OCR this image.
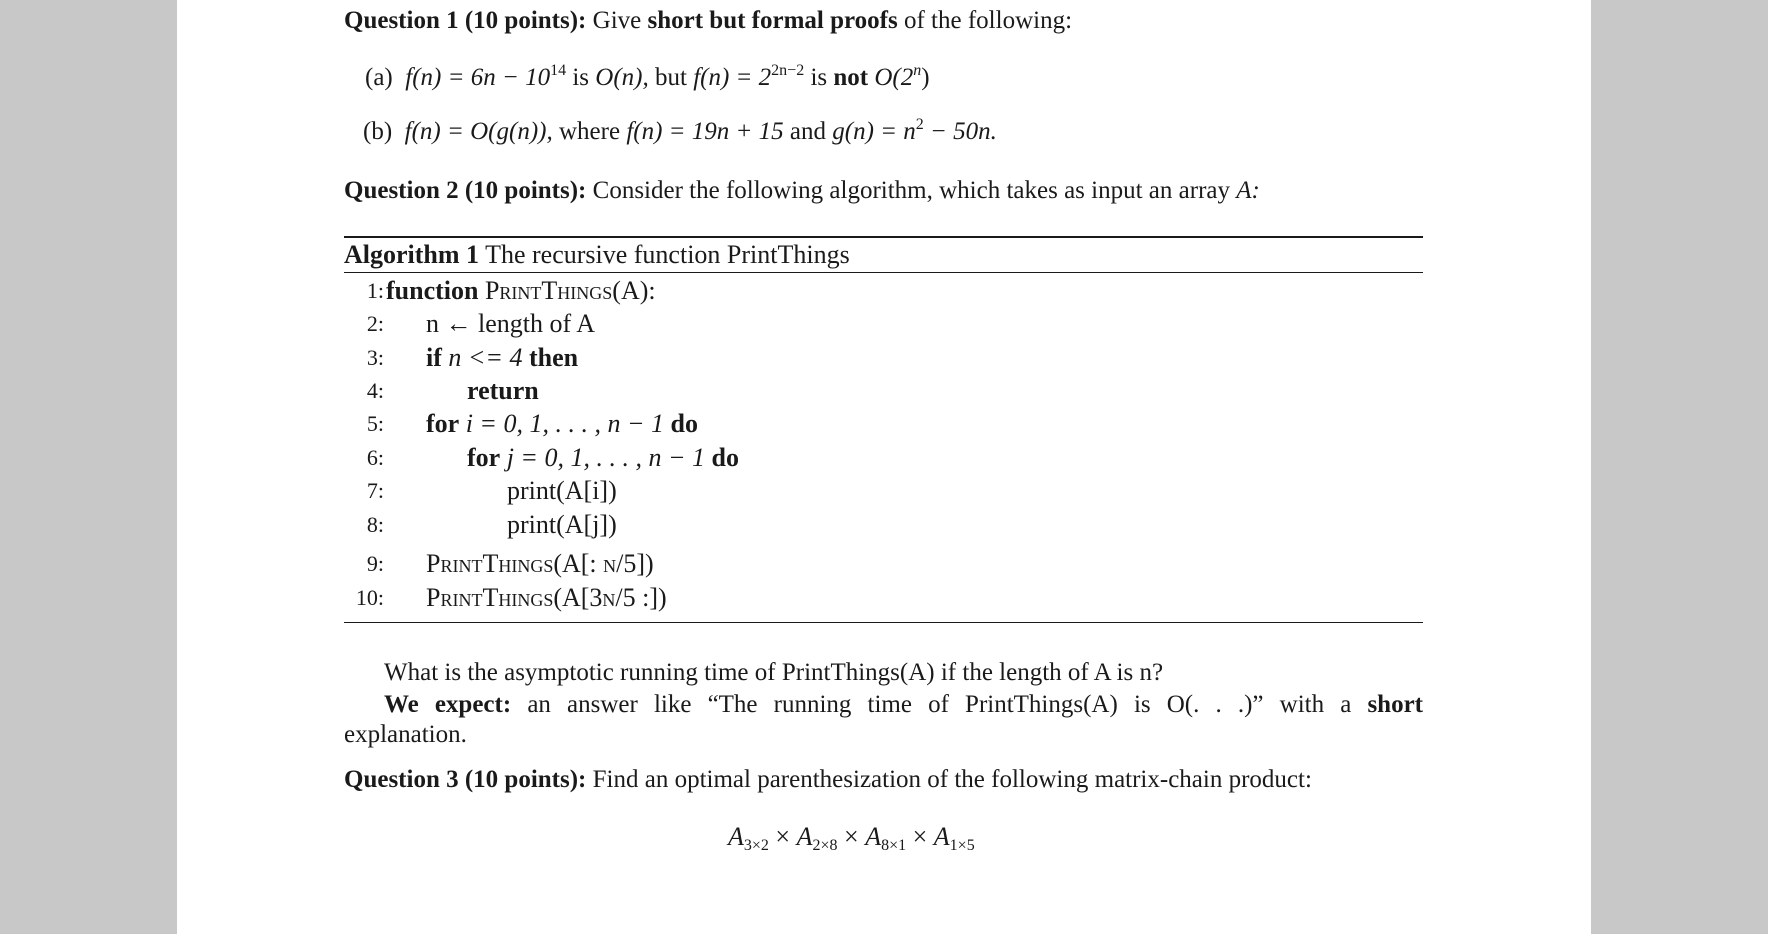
Question 1 (10 points): Give short but formal proofs of the following:
(a) $f(n) = 6n - 10^{14}$ is O(n), but $f(n) = 2^{2n-2}$ is not O(2$^n$)
(b) f(n) = O(g(n)), where f(n) = 19n + 15 and $g(n) = n^2 - 50n$.
Question 2 (10 points): Consider the following algorithm, which takes as input an array A:
Algorithm 1 The recursive function PrintThings
1: function PrintThings(A):
2: n ← length of A
3: if n <= 4 then
4:	return
5: for i = 0, 1, . . . , n − 1 do
6:	for j = 0, 1, . . . , n − 1 do
7:	print(A[i])
8:	print(A[j])
9: PrintThings(A[: n/5])
10: PrintThings(A[3n/5 :])
What is the asymptotic running time of PrintThings(A) if the length of A is n?
We expect: an answer like “The running time of PrintThings(A) is O(. . .)” with a short
explanation.
Question 3 (10 points): Find an optimal parenthesization of the following matrix-chain product:
$A_{3\times 2} \times A_{2\times 8} \times A_{8\times 1} \times A_{1\times 5}$
